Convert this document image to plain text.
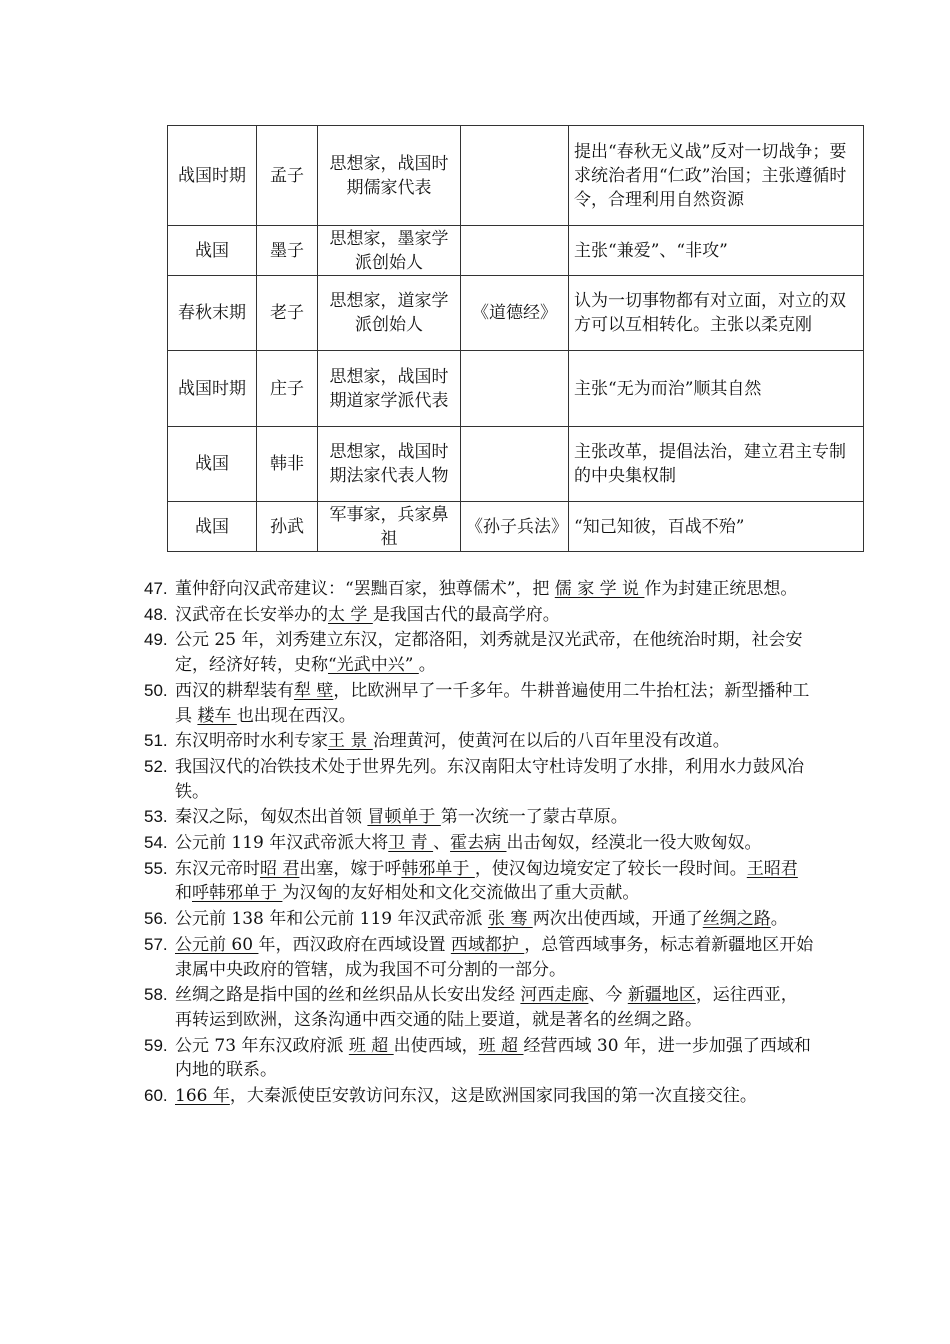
战国时期	孟子	思想家，战国时期儒家代表		提出“春秋无义战”反对一切战争；要求统治者用“仁政”治国；主张遵循时令，合理利用自然资源
战国	墨子	思想家，墨家学派创始人		主张“兼爱”、“非攻”
春秋末期	老子	思想家，道家学派创始人	《道德经》	认为一切事物都有对立面，对立的双方可以互相转化。主张以柔克刚
战国时期	庄子	思想家，战国时期道家学派代表		主张“无为而治”顺其自然
战国	韩非	思想家，战国时期法家代表人物		主张改革，提倡法治，建立君主专制的中央集权制
战国	孙武	军事家，兵家鼻祖	《孙子兵法》	“知己知彼，百战不殆”
47. 董仲舒向汉武帝建议：“罢黜百家，独尊儒术”，把 儒 家 学 说 作为封建正统思想。
48. 汉武帝在长安举办的太 学 是我国古代的最高学府。
49. 公元 25 年，刘秀建立东汉，定都洛阳，刘秀就是汉光武帝，在他统治时期，社会安定，经济好转，史称“光武中兴” 。
50. 西汉的耕犁装有犁 壁，比欧洲早了一千多年。牛耕普遍使用二牛抬杠法；新型播种工具 耧车 也出现在西汉。
51. 东汉明帝时水利专家王 景 治理黄河，使黄河在以后的八百年里没有改道。
52. 我国汉代的冶铁技术处于世界先列。东汉南阳太守杜诗发明了水排，利用水力鼓风冶铁。
53. 秦汉之际，匈奴杰出首领 冒顿单于 第一次统一了蒙古草原。
54. 公元前 119 年汉武帝派大将卫 青 、霍去病 出击匈奴，经漠北一役大败匈奴。
55. 东汉元帝时昭 君出塞，嫁于呼韩邪单于 ，使汉匈边境安定了较长一段时间。王昭君 和呼韩邪单于 为汉匈的友好相处和文化交流做出了重大贡献。
56. 公元前 138 年和公元前 119 年汉武帝派 张 骞 两次出使西域，开通了丝绸之路。
57. 公元前 60 年，西汉政府在西域设置 西域都护 ，总管西域事务，标志着新疆地区开始隶属中央政府的管辖，成为我国不可分割的一部分。
58. 丝绸之路是指中国的丝和丝织品从长安出发经 河西走廊、今 新疆地区，运往西亚，再转运到欧洲，这条沟通中西交通的陆上要道，就是著名的丝绸之路。
59. 公元 73 年东汉政府派 班 超 出使西域，班 超 经营西域 30 年，进一步加强了西域和内地的联系。
60. 166 年，大秦派使臣安敦访问东汉，这是欧洲国家同我国的第一次直接交往。
